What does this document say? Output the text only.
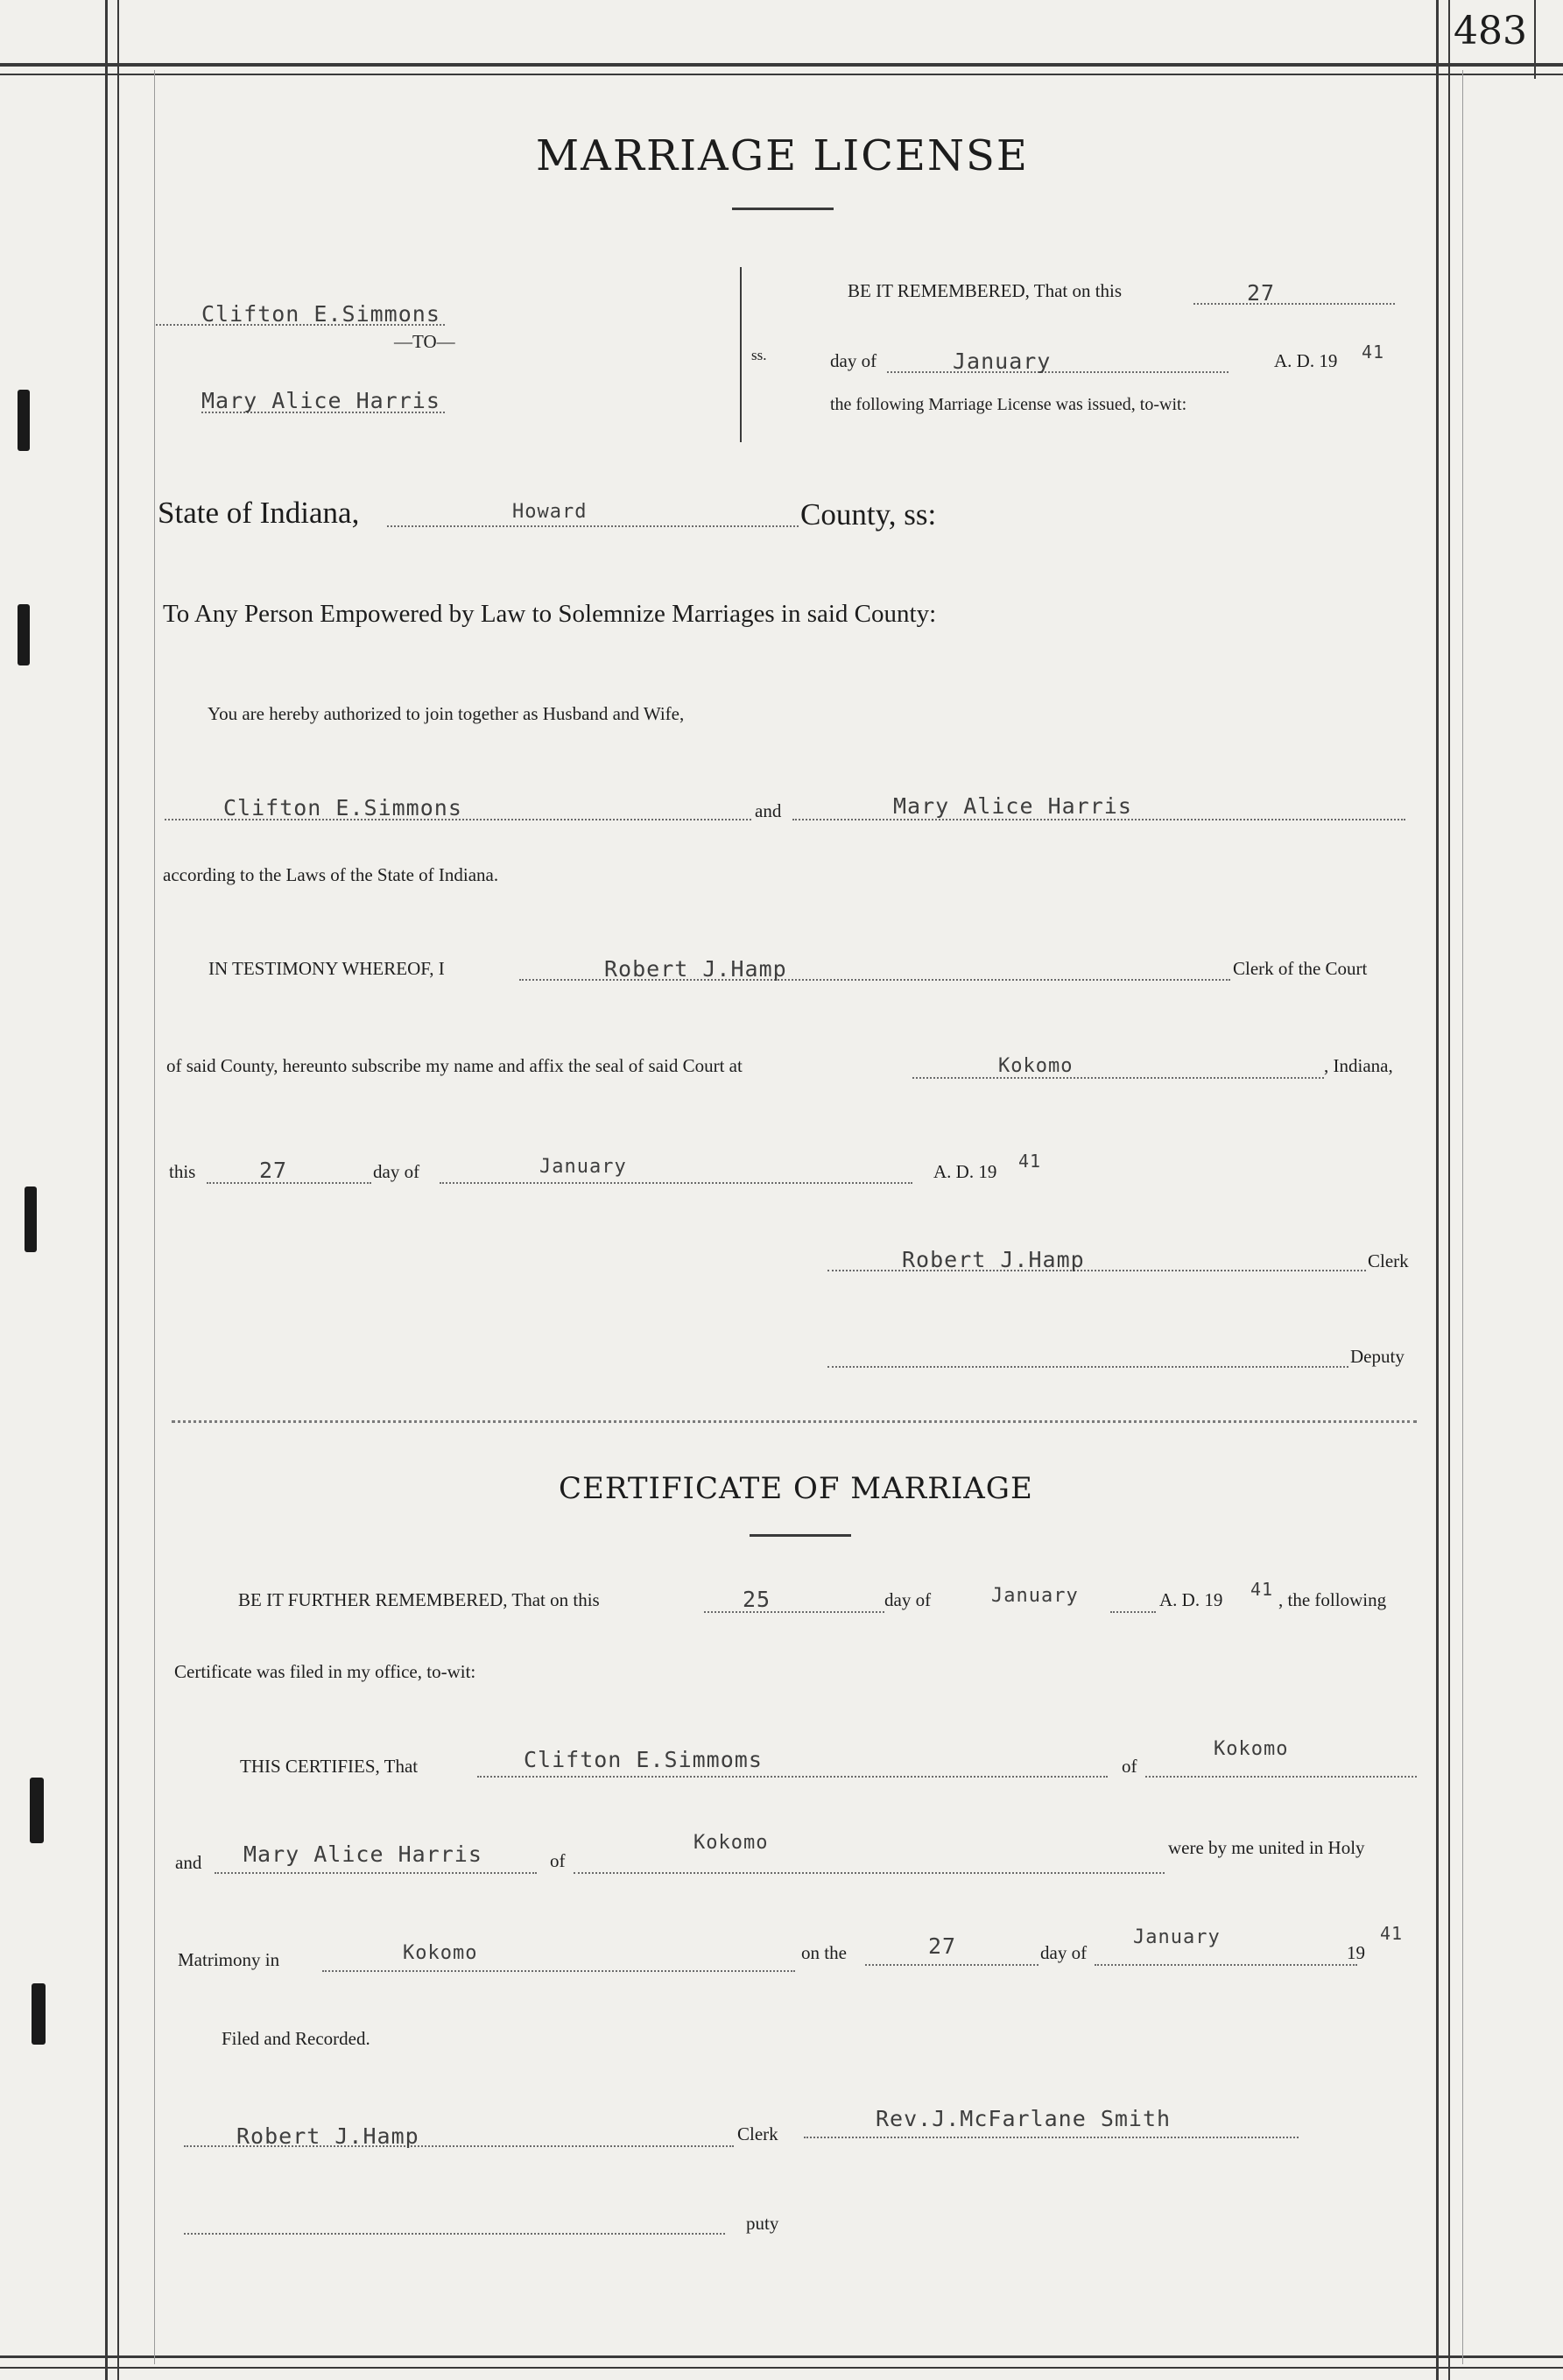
483
MARRIAGE LICENSE
Clifton E.Simmons
—TO—
Mary Alice Harris
ss.
BE IT REMEMBERED, That on this	27
day of	January	A. D. 19 41
the following Marriage License was issued, to-wit:
State of Indiana,	Howard	County, ss:
To Any Person Empowered by Law to Solemnize Marriages in said County:
You are hereby authorized to join together as Husband and Wife,
Clifton E.Simmons	and	Mary Alice Harris
according to the Laws of the State of Indiana.
IN TESTIMONY WHEREOF, I	Robert J.Hamp	Clerk of the Court
of said County, hereunto subscribe my name and affix the seal of said Court at	Kokomo	, Indiana,
this	27	day of	January	A. D. 19 41
Robert J.Hamp	Clerk
Deputy
CERTIFICATE OF MARRIAGE
BE IT FURTHER REMEMBERED, That on this	25	day of	January	A. D. 19 41 , the following
Certificate was filed in my office, to-wit:
THIS CERTIFIES, That	Clifton E.Simmoms	of
Kokomo
and Mary Alice Harris	of
Kokomo	were by me united in Holy
Matrimony in	Kokomo	on the	27	day of
January
19
41
Filed and Recorded.
Robert J.Hamp	Clerk
Rev.J.McFarlane Smith
puty
